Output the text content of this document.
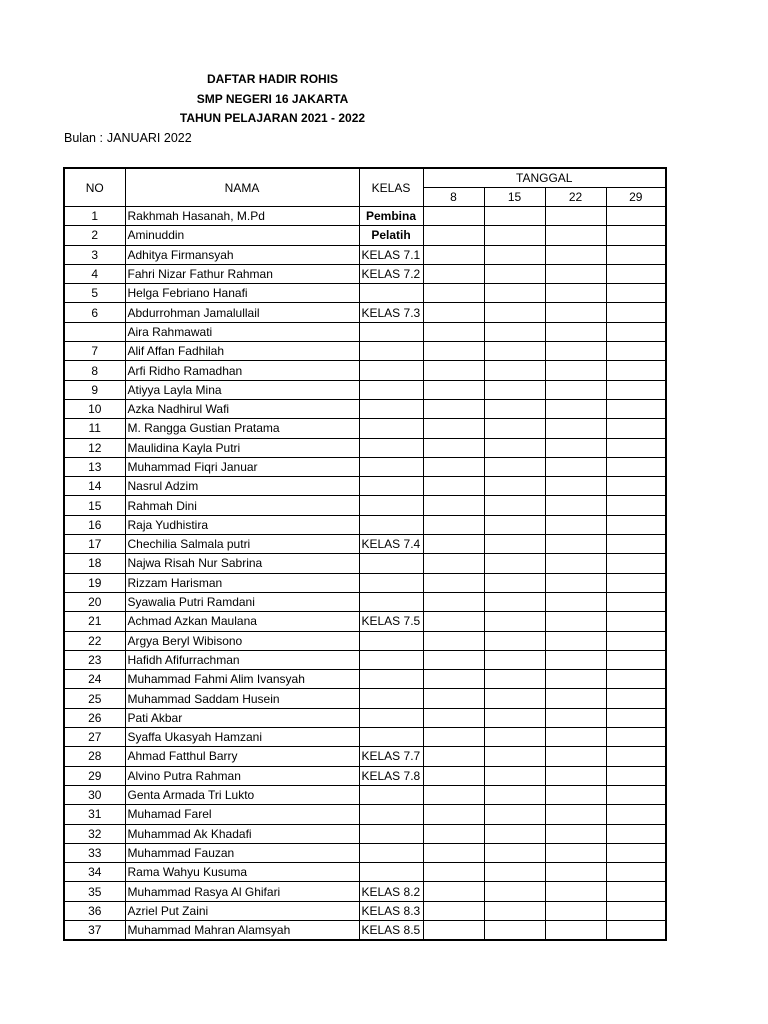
DAFTAR HADIR ROHIS
SMP NEGERI 16 JAKARTA
TAHUN PELAJARAN 2021 - 2022
Bulan : JANUARI 2022
NO	NAMA	KELAS	TANGGAL			
			8	15	22	29
1	Rakhmah Hasanah, M.Pd	Pembina				
2	Aminuddin	Pelatih				
3	Adhitya Firmansyah	KELAS 7.1				
4	Fahri Nizar Fathur Rahman	KELAS 7.2				
5	Helga Febriano Hanafi					
6	Abdurrohman Jamalullail	KELAS 7.3				
	Aira Rahmawati					
7	Alif Affan Fadhilah					
8	Arfi Ridho Ramadhan					
9	Atiyya Layla Mina					
10	Azka Nadhirul Wafi					
11	M. Rangga Gustian Pratama					
12	Maulidina Kayla Putri					
13	Muhammad Fiqri Januar					
14	Nasrul Adzim					
15	Rahmah Dini					
16	Raja Yudhistira					
17	Chechilia Salmala putri	KELAS 7.4				
18	Najwa Risah Nur Sabrina					
19	Rizzam Harisman					
20	Syawalia Putri Ramdani					
21	Achmad Azkan Maulana	KELAS 7.5				
22	Argya Beryl Wibisono					
23	Hafidh Afifurrachman					
24	Muhammad Fahmi Alim Ivansyah					
25	Muhammad Saddam Husein					
26	Pati Akbar					
27	Syaffa Ukasyah Hamzani					
28	Ahmad Fatthul Barry	KELAS 7.7				
29	Alvino Putra Rahman	KELAS 7.8				
30	Genta Armada Tri Lukto					
31	Muhamad Farel					
32	Muhammad Ak Khadafi					
33	Muhammad Fauzan					
34	Rama Wahyu Kusuma					
35	Muhammad Rasya Al Ghifari	KELAS 8.2				
36	Azriel Put Zaini	KELAS 8.3				
37	Muhammad Mahran Alamsyah	KELAS 8.5				
